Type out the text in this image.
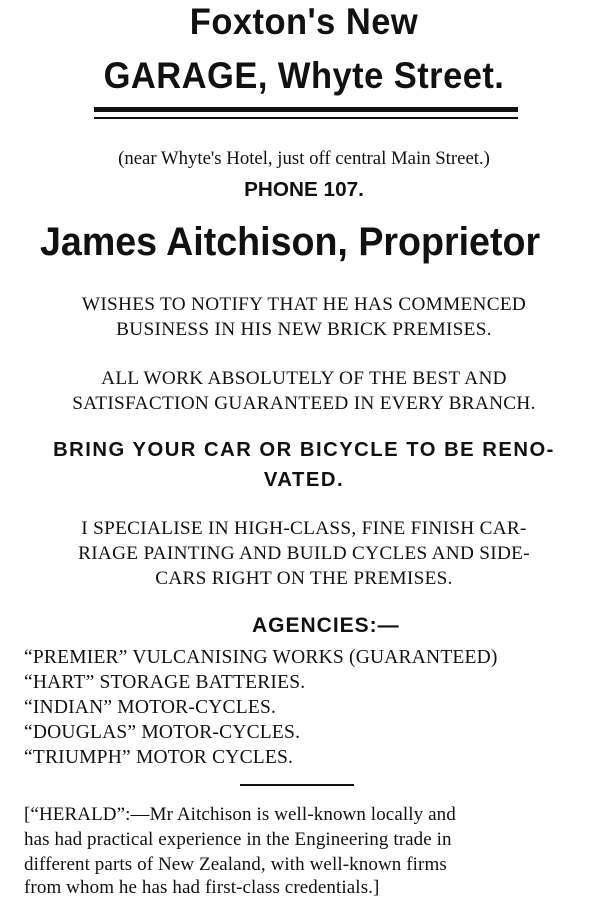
Foxton's New
GARAGE, Whyte Street.
(near Whyte's Hotel, just off central Main Street.)
PHONE 107.
James Aitchison, Proprietor
WISHES TO NOTIFY THAT HE HAS COMMENCED
BUSINESS IN HIS NEW BRICK PREMISES.
ALL WORK ABSOLUTELY OF THE BEST AND
SATISFACTION GUARANTEED IN EVERY BRANCH.
BRING YOUR CAR OR BICYCLE TO BE RENO-
VATED.
I SPECIALISE IN HIGH-CLASS, FINE FINISH CAR-
RIAGE PAINTING AND BUILD CYCLES AND SIDE-
CARS RIGHT ON THE PREMISES.
AGENCIES:—
“PREMIER” VULCANISING WORKS (GUARANTEED)
“HART” STORAGE BATTERIES.
“INDIAN” MOTOR-CYCLES.
“DOUGLAS” MOTOR-CYCLES.
“TRIUMPH” MOTOR CYCLES.
[“HERALD”:—Mr Aitchison is well-known locally and
has had practical experience in the Engineering trade in
different parts of New Zealand, with well-known firms
from whom he has had first-class credentials.]
